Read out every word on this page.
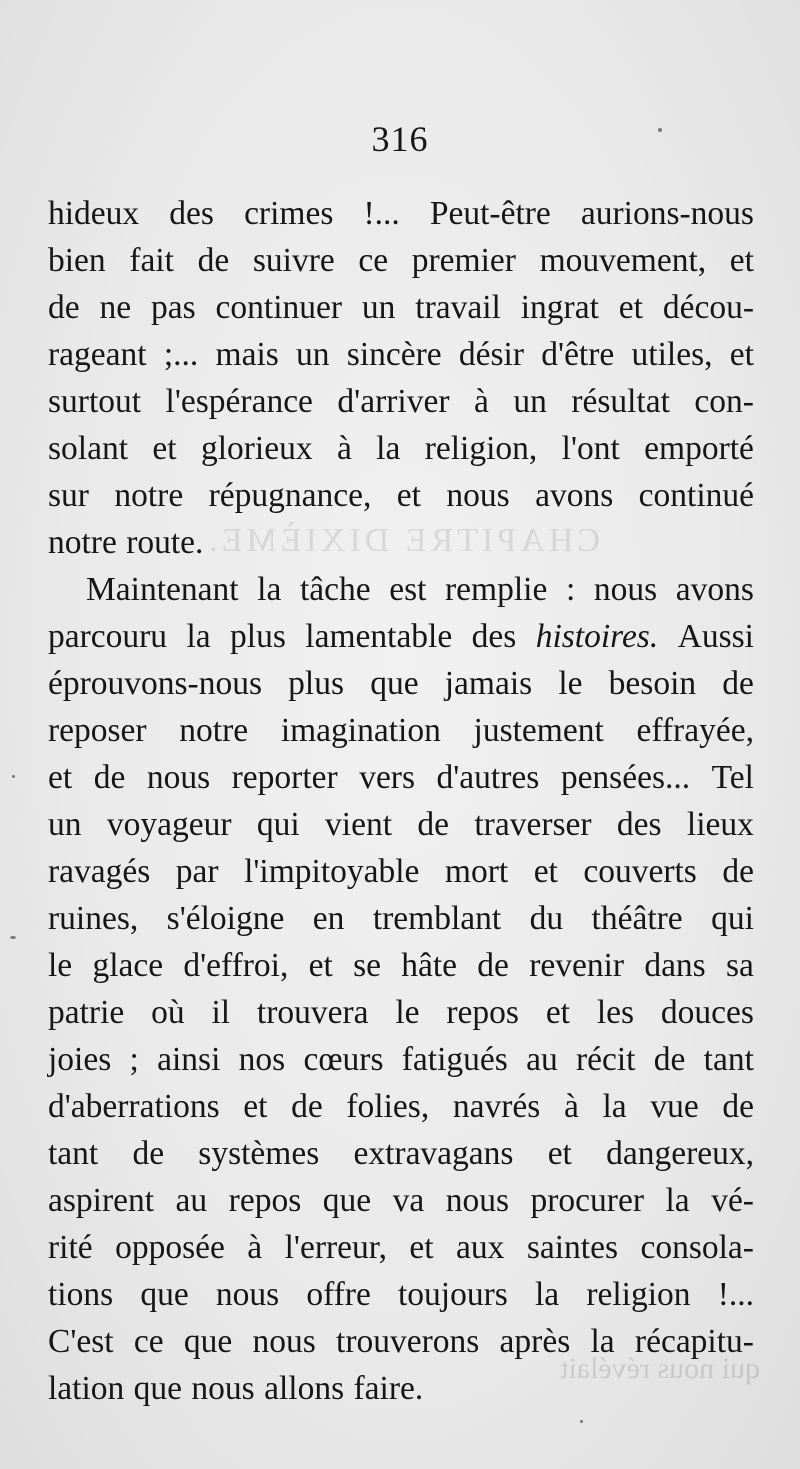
CHAPITRE DIXIÈME.
qui nous révélait
316
hideux des crimes !... Peut-être aurions-nous
bien fait de suivre ce premier mouvement, et
de ne pas continuer un travail ingrat et décou-
rageant ;... mais un sincère désir d'être utiles, et
surtout l'espérance d'arriver à un résultat con-
solant et glorieux à la religion, l'ont emporté
sur notre répugnance, et nous avons continué
notre route.
Maintenant la tâche est remplie : nous avons
parcouru la plus lamentable des histoires. Aussi
éprouvons-nous plus que jamais le besoin de
reposer notre imagination justement effrayée,
et de nous reporter vers d'autres pensées... Tel
un voyageur qui vient de traverser des lieux
ravagés par l'impitoyable mort et couverts de
ruines, s'éloigne en tremblant du théâtre qui
le glace d'effroi, et se hâte de revenir dans sa
patrie où il trouvera le repos et les douces
joies ; ainsi nos cœurs fatigués au récit de tant
d'aberrations et de folies, navrés à la vue de
tant de systèmes extravagans et dangereux,
aspirent au repos que va nous procurer la vé-
rité opposée à l'erreur, et aux saintes consola-
tions que nous offre toujours la religion !...
C'est ce que nous trouverons après la récapitu-
lation que nous allons faire.
